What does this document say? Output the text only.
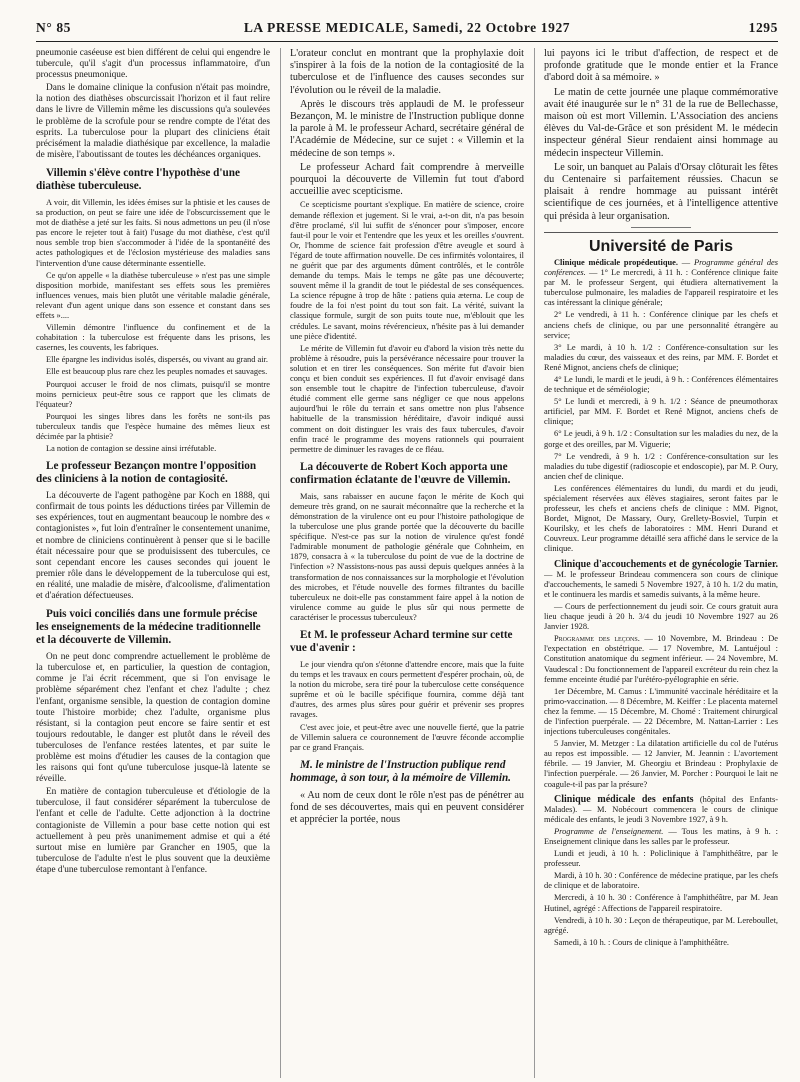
N° 85	LA PRESSE MEDICALE, Samedi, 22 Octobre 1927	1295

pneumonie caséeuse est bien différent de celui qui engendre le tubercule, qu'il s'agit d'un processus inflammatoire, d'un processus pneumonique.

Dans le domaine clinique la confusion n'était pas moindre, la notion des diathèses obscurcissait l'horizon et il faut relire dans le livre de Villemin même les discussions qu'a soulevées le problème de la scrofule pour se rendre compte de l'état des esprits. La tuberculose pour la plupart des cliniciens était précisément la maladie diathésique par excellence, la maladie de misère, l'aboutissant de toutes les déchéances organiques.

Villemin s'élève contre l'hypothèse d'une diathèse tuberculeuse.

A voir, dit Villemin, les idées émises sur la phtisie et les causes de sa production, on peut se faire une idée de l'obscurcissement que le mot de diathèse a jeté sur les faits. Si nous admettons un peu (il n'ose pas encore le rejeter tout à fait) l'usage du mot diathèse, c'est qu'il nous semble trop bien s'accommoder à l'idée de la spontanéité des actes pathologiques et de l'éclosion mystérieuse des maladies sans l'intervention d'une cause déterminante essentielle.

Ce qu'on appelle « la diathèse tuberculeuse » n'est pas une simple disposition morbide, manifestant ses effets sous les premières influences venues, mais bien plutôt une véritable maladie générale, relevant d'un agent unique dans son essence et constant dans ses effets »....

Villemin démontre l'influence du confinement et de la cohabitation : la tuberculose est fréquente dans les prisons, les casernes, les couvents, les fabriques.

Elle épargne les individus isolés, dispersés, ou vivant au grand air.

Elle est beaucoup plus rare chez les peuples nomades et sauvages.

Pourquoi accuser le froid de nos climats, puisqu'il se montre moins pernicieux peut-être sous ce rapport que les climats de l'équateur?

Pourquoi les singes libres dans les forêts ne sont-ils pas tuberculeux tandis que l'espèce humaine des mêmes lieux est décimée par la phtisie?

La notion de contagion se dessine ainsi irréfutable.

Le professeur Bezançon montre l'opposition des cliniciens à la notion de contagiosité.

La découverte de l'agent pathogène par Koch en 1888, qui confirmait de tous points les déductions tirées par Villemin de ses expériences, tout en augmentant beaucoup le nombre des « contagionistes », fut loin d'entraîner le consentement unanime, et nombre de cliniciens continuèrent à penser que si le bacille était nécessaire pour que se produisissent des tubercules, ce sont cependant encore les causes secondes qui jouent le premier rôle dans le développement de la tuberculose qui est, en réalité, une maladie de misère, d'alcoolisme, d'alimentation et d'aération défectueuses.

Puis voici conciliés dans une formule précise les enseignements de la médecine traditionnelle et la découverte de Villemin.

On ne peut donc comprendre actuellement le problème de la tuberculose et, en particulier, la question de contagion, comme je l'ai écrit récemment, que si l'on envisage le problème séparément chez l'enfant et chez l'adulte ; chez l'enfant, organisme sensible, la question de contagion domine toute l'histoire morbide; chez l'adulte, organisme plus résistant, si la contagion peut encore se faire sentir et est toujours redoutable, le danger est plutôt dans le réveil des tuberculoses de l'enfance restées latentes, et par suite le problème est moins d'étudier les causes de la contagion que les raisons qui font qu'une tuberculose jusque-là latente se réveille.

En matière de contagion tuberculeuse et d'étiologie de la tuberculose, il faut considérer séparément la tuberculose de l'enfant et celle de l'adulte. Cette adjonction à la doctrine contagioniste de Villemin a pour base cette notion qui est actuellement à peu près unanimement admise et qui a été surtout mise en lumière par Grancher en 1905, que la tuberculose de l'adulte n'est le plus souvent que la deuxième étape d'une tuberculose remontant à l'enfance.

L'orateur conclut en montrant que la prophylaxie doit s'inspirer à la fois de la notion de la contagiosité de la tuberculose et de l'influence des causes secondes sur l'évolution ou le réveil de la maladie.

Après le discours très applaudi de M. le professeur Bezançon, M. le ministre de l'Instruction publique donne la parole à M. le professeur Achard, secrétaire général de l'Académie de Médecine, sur ce sujet : « Villemin et la médecine de son temps ».

Le professeur Achard fait comprendre à merveille pourquoi la découverte de Villemin fut tout d'abord accueillie avec scepticisme.

Ce scepticisme pourtant s'explique. En matière de science, croire demande réflexion et jugement. Si le vrai, a-t-on dit, n'a pas besoin d'être proclamé, s'il lui suffit de s'énoncer pour s'imposer, encore faut-il pour le voir et l'entendre que les yeux et les oreilles s'ouvrent. Or, l'homme de science fait profession d'être aveugle et sourd à l'égard de toute affirmation nouvelle. De ces infirmités volontaires, il ne guérit que par des arguments dûment contrôlés, et le contrôle demande du temps. Mais le temps ne gâte pas une découverte; souvent même il la grandit de tout le piédestal de ses conséquences. La science répugne à trop de hâte : patiens quia æterna. Le coup de foudre de la foi n'est point du tout son fait. La vérité, suivant la classique formule, surgit de son puits toute nue, m'éblouit que les crédules. Le savant, moins révérencieux, n'hésite pas à lui demander une pièce d'identité.

Le mérite de Villemin fut d'avoir eu d'abord la vision très nette du problème à résoudre, puis la persévérance nécessaire pour trouver la solution et en tirer les conséquences. Son mérite fut d'avoir bien conçu et bien conduit ses expériences. Il fut d'avoir envisagé dans son ensemble tout le chapitre de l'infection tuberculeuse, d'avoir étudié comment elle germe sans négliger ce que nous appelons aujourd'hui le rôle du terrain et sans omettre non plus l'absence habituelle de la transmission héréditaire, d'avoir indiqué aussi comment on doit distinguer les vrais des faux tubercules, d'avoir enfin tracé le programme des moyens rationnels qui pourraient permettre de diminuer les ravages de ce fléau.

La découverte de Robert Koch apporta une confirmation éclatante de l'œuvre de Villemin.

Mais, sans rabaisser en aucune façon le mérite de Koch qui demeure très grand, on ne saurait méconnaître que la recherche et la démonstration de la virulence ont eu pour l'histoire pathologique de la tuberculose une plus grande portée que la découverte du bacille spécifique. N'est-ce pas sur la notion de virulence qu'est fondé l'admirable monument de pathologie générale que Cohnheim, en 1879, consacra à « la tuberculose du point de vue de la doctrine de l'infection »? N'assistons-nous pas aussi depuis quelques années à la transformation de nos connaissances sur la morphologie et l'évolution des microbes, et l'étude nouvelle des formes filtrantes du bacille tuberculeux ne doit-elle pas constamment faire appel à la notion de virulence comme au guide le plus sûr qui nous permette de caractériser le processus tuberculeux?

Et M. le professeur Achard termine sur cette vue d'avenir :

Le jour viendra qu'on s'étonne d'attendre encore, mais que la fuite du temps et les travaux en cours permettent d'espérer prochain, où, de la notion du microbe, sera tiré pour la tuberculose cette conséquence suprême et où le bacille spécifique fournira, comme déjà tant d'autres, des armes plus sûres pour guérir et prévenir ses propres ravages.

C'est avec joie, et peut-être avec une nouvelle fierté, que la patrie de Villemin saluera ce couronnement de l'œuvre féconde accomplie par ce grand Français.

M. le ministre de l'Instruction publique rend hommage, à son tour, à la mémoire de Villemin.

« Au nom de ceux dont le rôle n'est pas de pénétrer au fond de ses découvertes, mais qui en peuvent considérer et apprécier la portée, nous

lui payons ici le tribut d'affection, de respect et de profonde gratitude que le monde entier et la France d'abord doit à sa mémoire. »

Le matin de cette journée une plaque commémorative avait été inaugurée sur le n° 31 de la rue de Bellechasse, maison où est mort Villemin. L'Association des anciens élèves du Val-de-Grâce et son président M. le médecin inspecteur général Sieur rendaient ainsi hommage au médecin inspecteur Villemin.

Le soir, un banquet au Palais d'Orsay clôturait les fêtes du Centenaire si parfaitement réussies. Chacun se plaisait à rendre hommage au puissant intérêt scientifique de ces journées, et à l'intelligence attentive qui présida à leur organisation.

Université de Paris

Clinique médicale propédeutique. — Programme général des conférences. — 1° Le mercredi, à 11 h. : Conférence clinique faite par M. le professeur Sergent, qui étudiera alternativement la tuberculose pulmonaire, les maladies de l'appareil respiratoire et les cas intéressant la clinique générale;

2° Le vendredi, à 11 h. : Conférence clinique par les chefs et anciens chefs de clinique, ou par une personnalité étrangère au service;

3° Le mardi, à 10 h. 1/2 : Conférence-consultation sur les maladies du cœur, des vaisseaux et des reins, par MM. F. Bordet et René Mignot, anciens chefs de clinique;

4° Le lundi, le mardi et le jeudi, à 9 h. : Conférences élémentaires de technique et de séméiologie;

5° Le lundi et mercredi, à 9 h. 1/2 : Séance de pneumothorax artificiel, par MM. F. Bordet et René Mignot, anciens chefs de clinique;

6° Le jeudi, à 9 h. 1/2 : Consultation sur les maladies du nez, de la gorge et des oreilles, par M. Viguerie;

7° Le vendredi, à 9 h. 1/2 : Conférence-consultation sur les maladies du tube digestif (radioscopie et endoscopie), par M. P. Oury, ancien chef de clinique.

Les conférences élémentaires du lundi, du mardi et du jeudi, spécialement réservées aux élèves stagiaires, seront faites par le professeur, les chefs et anciens chefs de clinique : MM. Pignot, Bordet, Mignot, De Massary, Oury, Grellety-Bosviel, Turpin et Kourilsky, et les chefs de laboratoires : MM. Henri Durand et Couvreux. Leur programme détaillé sera affiché dans le service de la clinique.

Clinique d'accouchements et de gynécologie Tarnier. — M. le professeur Brindeau commencera son cours de clinique d'accouchements, le samedi 5 Novembre 1927, à 10 h. 1/2 du matin, et le continuera les mardis et samedis suivants, à la même heure.

— Cours de perfectionnement du jeudi soir. Ce cours gratuit aura lieu chaque jeudi à 20 h. 3/4 du jeudi 10 Novembre 1927 au 26 Janvier 1928.

Programme des leçons. — 10 Novembre, M. Brindeau : De l'expectation en obstétrique. — 17 Novembre, M. Lantuéjoul : Constitution anatomique du segment inférieur. — 24 Novembre, M. Vaudescal : Du fonctionnement de l'appareil excréteur du rein chez la femme enceinte étudié par l'urétéro-pyélographie en série.

1er Décembre, M. Camus : L'immunité vaccinale héréditaire et la primo-vaccination. — 8 Décembre, M. Keiffer : Le placenta maternel chez la femme. — 15 Décembre, M. Chomé : Traitement chirurgical de l'infection puerpérale. — 22 Décembre, M. Nattan-Larrier : Les injections tuberculeuses congénitales.

5 Janvier, M. Metzger : La dilatation artificielle du col de l'utérus au repos est impossible. — 12 Janvier, M. Jeannin : L'avortement fébrile. — 19 Janvier, M. Gheorgiu et Brindeau : Prophylaxie de l'infection puerpérale. — 26 Janvier, M. Porcher : Pourquoi le lait ne coagule-t-il pas par la présure?

Clinique médicale des enfants (hôpital des Enfants-Malades). — M. Nobécourt commencera le cours de clinique médicale des enfants, le jeudi 3 Novembre 1927, à 9 h.

Programme de l'enseignement. — Tous les matins, à 9 h. : Enseignement clinique dans les salles par le professeur.

Lundi et jeudi, à 10 h. : Policlinique à l'amphithéâtre, par le professeur.

Mardi, à 10 h. 30 : Conférence de médecine pratique, par les chefs de clinique et de laboratoire.

Mercredi, à 10 h. 30 : Conférence à l'amphithéâtre, par M. Jean Hutinel, agrégé : Affections de l'appareil respiratoire.

Vendredi, à 10 h. 30 : Leçon de thérapeutique, par M. Lereboullet, agrégé.

Samedi, à 10 h. : Cours de clinique à l'amphithéâtre.
